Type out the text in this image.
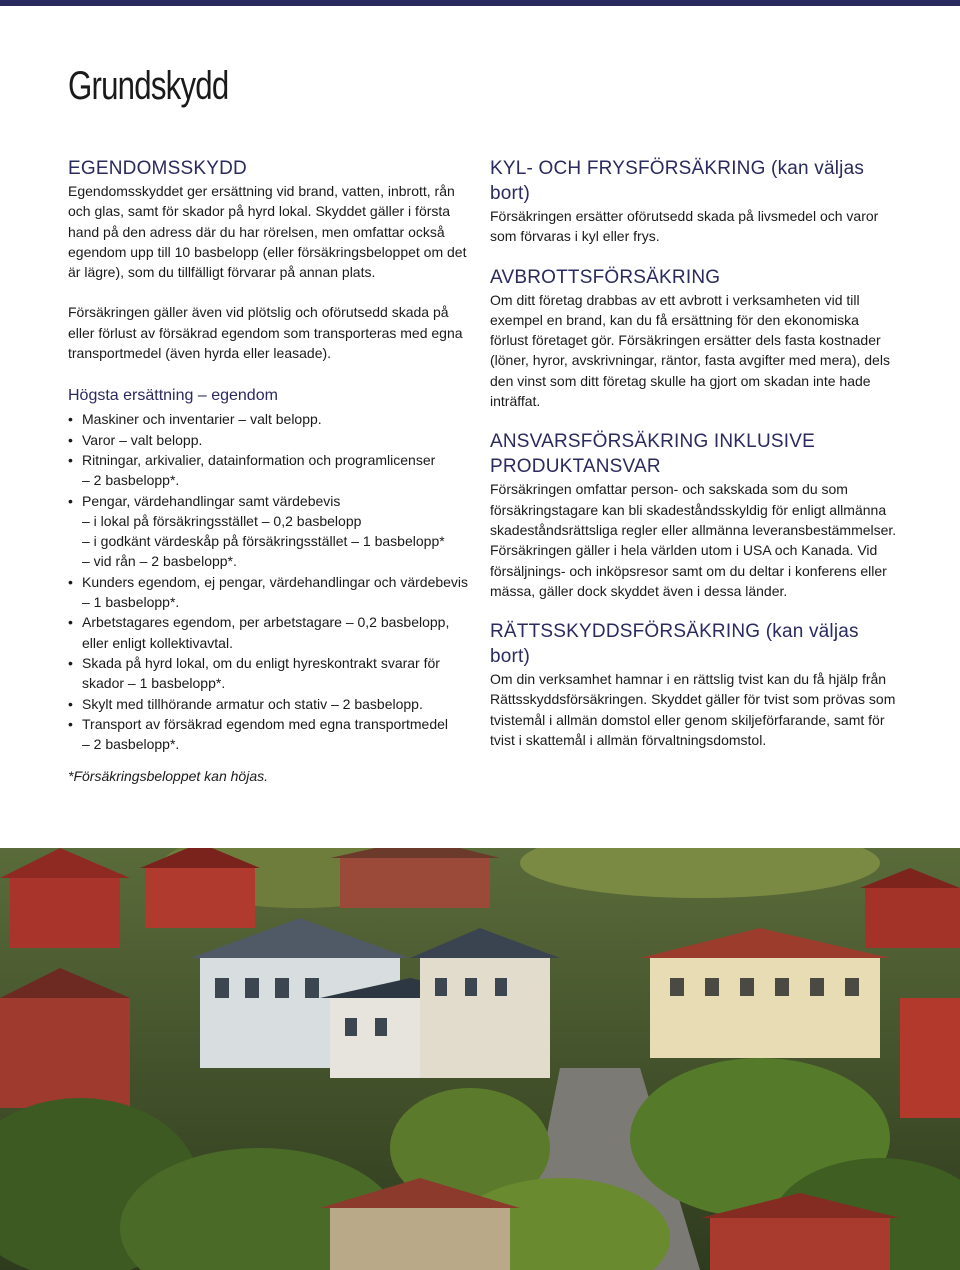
Grundskydd
EGENDOMSSKYDD

Egendomsskyddet ger ersättning vid brand, vatten, inbrott, rån och glas, samt för skador på hyrd lokal. Skyddet gäller i första hand på den adress där du har rörelsen, men omfattar också egendom upp till 10 basbelopp (eller försäkringsbeloppet om det är lägre), som du tillfälligt förvarar på annan plats.

Försäkringen gäller även vid plötslig och oförutsedd skada på eller förlust av försäkrad egendom som transporteras med egna transportmedel (även hyrda eller leasade).

Högsta ersättning – egendom
• Maskiner och inventarier – valt belopp.
• Varor – valt belopp.
• Ritningar, arkivalier, datainformation och programlicenser
– 2 basbelopp*.
• Pengar, värdehandlingar samt värdebevis
– i lokal på försäkringsstället – 0,2 basbelopp
– i godkänt värdeskåp på försäkringsstället – 1 basbelopp*
– vid rån – 2 basbelopp*.
• Kunders egendom, ej pengar, värdehandlingar och värdebevis
– 1 basbelopp*.
• Arbetstagares egendom, per arbetstagare – 0,2 basbelopp,
eller enligt kollektivavtal.
• Skada på hyrd lokal, om du enligt hyreskontrakt svarar för
skador – 1 basbelopp*.
• Skylt med tillhörande armatur och stativ – 2 basbelopp.
• Transport av försäkrad egendom med egna transportmedel
– 2 basbelopp*.

*Försäkringsbeloppet kan höjas.

KYL- OCH FRYSFÖRSÄKRING (kan väljas bort)

Försäkringen ersätter oförutsedd skada på livsmedel och varor som förvaras i kyl eller frys.

AVBROTTSFÖRSÄKRING

Om ditt företag drabbas av ett avbrott i verksamheten vid till exempel en brand, kan du få ersättning för den ekonomiska förlust företaget gör. Försäkringen ersätter dels fasta kostnader (löner, hyror, avskrivningar, räntor, fasta avgifter med mera), dels den vinst som ditt företag skulle ha gjort om skadan inte hade inträffat.

ANSVARSFÖRSÄKRING INKLUSIVE PRODUKTANSVAR

Försäkringen omfattar person- och sakskada som du som försäkringstagare kan bli skadeståndsskyldig för enligt allmänna skadeståndsrättsliga regler eller allmänna leveransbestämmelser. Försäkringen gäller i hela världen utom i USA och Kanada. Vid försäljnings- och inköpsresor samt om du deltar i konferens eller mässa, gäller dock skyddet även i dessa länder.

RÄTTSSKYDDSFÖRSÄKRING (kan väljas bort)

Om din verksamhet hamnar i en rättslig tvist kan du få hjälp från Rättsskyddsförsäkringen. Skyddet gäller för tvist som prövas som tvistemål i allmän domstol eller genom skiljeförfarande, samt för tvist i skattemål i allmän förvaltningsdomstol.
